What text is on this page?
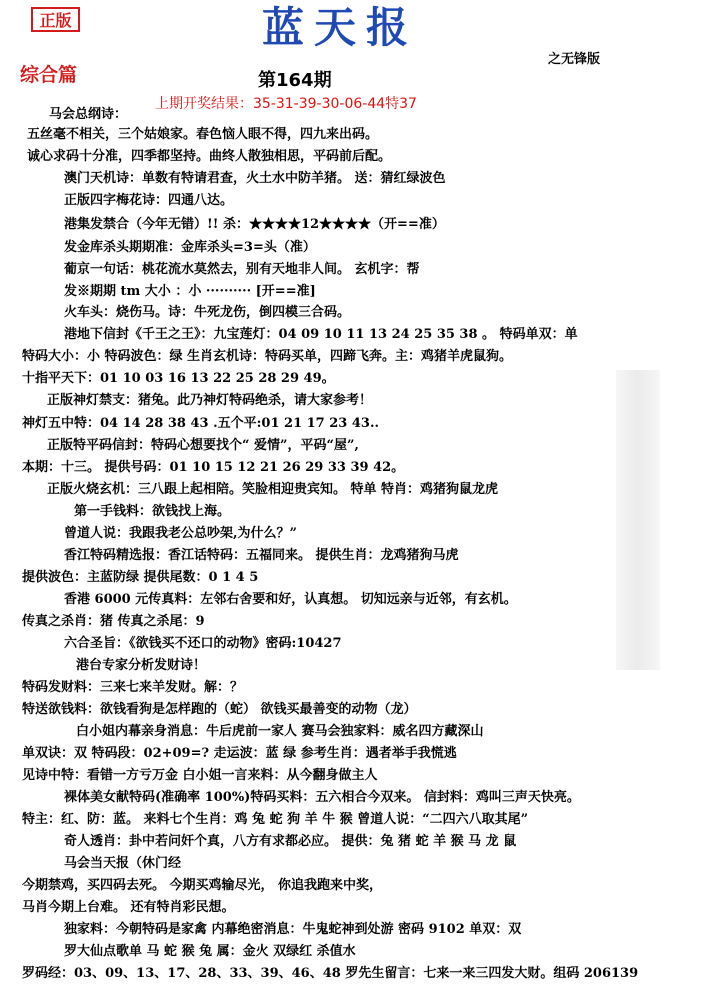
正版	蓝天报
之无锋版
综合篇	第164期
上期开奖结果：35-31-39-30-06-44特37
马会总纲诗：
五丝毫不相关，三个姑娘家。春色恼人眼不得，四九来出码。
诚心求码十分准，四季都坚持。曲终人散独相思，平码前后配。
澳门天机诗：单数有特请君查，火土水中防羊猪。 送：猜红绿波色
正版四字梅花诗：四通八达。
港集发禁合（今年无错）!! 杀：★★★★12★★★★（开==准）
发金库杀头期期准：金库杀头=3=头（准）
葡京一句话：桃花流水莫然去，别有天地非人间。 玄机字：帮
发※期期 tm 大小 ：小 ·········· [开==准]
火车头：烧伤马。诗：牛死龙伤，倒四模三合码。
港地下信封《千王之王》：九宝莲灯：04 09 10 11 13 24 25 35 38 。 特码单双：单
特码大小：小 特码波色：绿 生肖玄机诗：特码买单，四蹄飞奔。主：鸡猪羊虎鼠狗。
十指平天下：01 10 03 16 13 22 25 28 29 49。
正版神灯禁支：猪兔。此乃神灯特码绝杀，请大家参考！
神灯五中特：04 14 28 38 43 .五个平:01 21 17 23 43..
正版特平码信封：特码心想要找个“ 爱情”，平码“屋”,
本期：十三。 提供号码：01 10 15 12 21 26 29 33 39 42。
正版火烧玄机：三八跟上起相陪。笑脸相迎贵宾知。 特单 特肖：鸡猪狗鼠龙虎
第一手钱料：欲钱找上海。
曾道人说：我跟我老公总吵架,为什么？”
香江特码精选报：香江话特码：五福同来。 提供生肖：龙鸡猪狗马虎
提供波色：主蓝防绿 提供尾数：0 1 4 5
香港 6000 元传真料：左邻右舍要和好，认真想。 切知远亲与近邻，有玄机。
传真之杀肖：猪 传真之杀尾：9
六合圣旨：《欲钱买不还口的动物》密码:10427
港台专家分析发财诗！
特码发财料：三来七来羊发财。解：？
特送欲钱料：欲钱看狗是怎样跑的（蛇） 欲钱买最善变的动物（龙）
白小姐内幕亲身消息：牛后虎前一家人 赛马会独家料：威名四方藏深山
单双诀：双 特码段：02+09=? 走运波：蓝 绿 参考生肖：遇者举手我慌逃
见诗中特：看错一方亏万金 白小姐一言来料：从今翻身做主人
裸体美女献特码(准确率 100%)特码买料：五六相合今双来。 信封料：鸡叫三声天快亮。
特主：红、防：蓝。 来料七个生肖：鸡 兔 蛇 狗 羊 牛 猴 曾道人说：“二四六八取其尾”
奇人透肖：卦中若问奸个真，八方有求都必应。 提供：兔 猪 蛇 羊 猴 马 龙 鼠
马会当天报（休门经
今期禁鸡，买四码去死。 今期买鸡输尽光， 你追我跑来中奖，
马肖今期上台难。 还有特肖彩民想。
独家料：今朝特码是家禽 内幕绝密消息：牛鬼蛇神到处游 密码 9102 单双：双
罗大仙点歌单 马 蛇 猴 兔 属：金火 双绿红 杀值水
罗码经：03、09、13、17、28、33、39、46、48 罗先生留言：七来一来三四发大财。组码 206139
